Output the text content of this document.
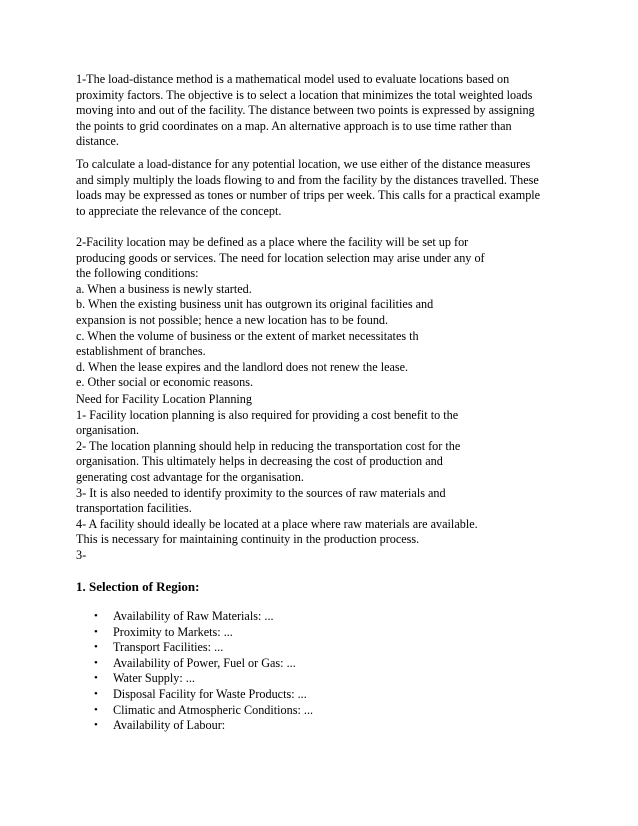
1-The load-distance method is a mathematical model used to evaluate locations based on
proximity factors. The objective is to select a location that minimizes the total weighted loads
moving into and out of the facility. The distance between two points is expressed by assigning
the points to grid coordinates on a map. An alternative approach is to use time rather than
distance.
To calculate a load-distance for any potential location, we use either of the distance measures
and simply multiply the loads flowing to and from the facility by the distances travelled. These
loads may be expressed as tones or number of trips per week. This calls for a practical example
to appreciate the relevance of the concept.
2-Facility location may be defined as a place where the facility will be set up for
producing goods or services. The need for location selection may arise under any of
the following conditions:
a. When a business is newly started.
b. When the existing business unit has outgrown its original facilities and
expansion is not possible; hence a new location has to be found.
c. When the volume of business or the extent of market necessitates th
establishment of branches.
d. When the lease expires and the landlord does not renew the lease.
e. Other social or economic reasons.
Need for Facility Location Planning
1- Facility location planning is also required for providing a cost benefit to the
organisation.
2- The location planning should help in reducing the transportation cost for the
organisation. This ultimately helps in decreasing the cost of production and
generating cost advantage for the organisation.
3- It is also needed to identify proximity to the sources of raw materials and
transportation facilities.
4- A facility should ideally be located at a place where raw materials are available.
This is necessary for maintaining continuity in the production process.
3-
1. Selection of Region:
• Availability of Raw Materials: ...
• Proximity to Markets: ...
• Transport Facilities: ...
• Availability of Power, Fuel or Gas: ...
• Water Supply: ...
• Disposal Facility for Waste Products: ...
• Climatic and Atmospheric Conditions: ...
• Availability of Labour:
